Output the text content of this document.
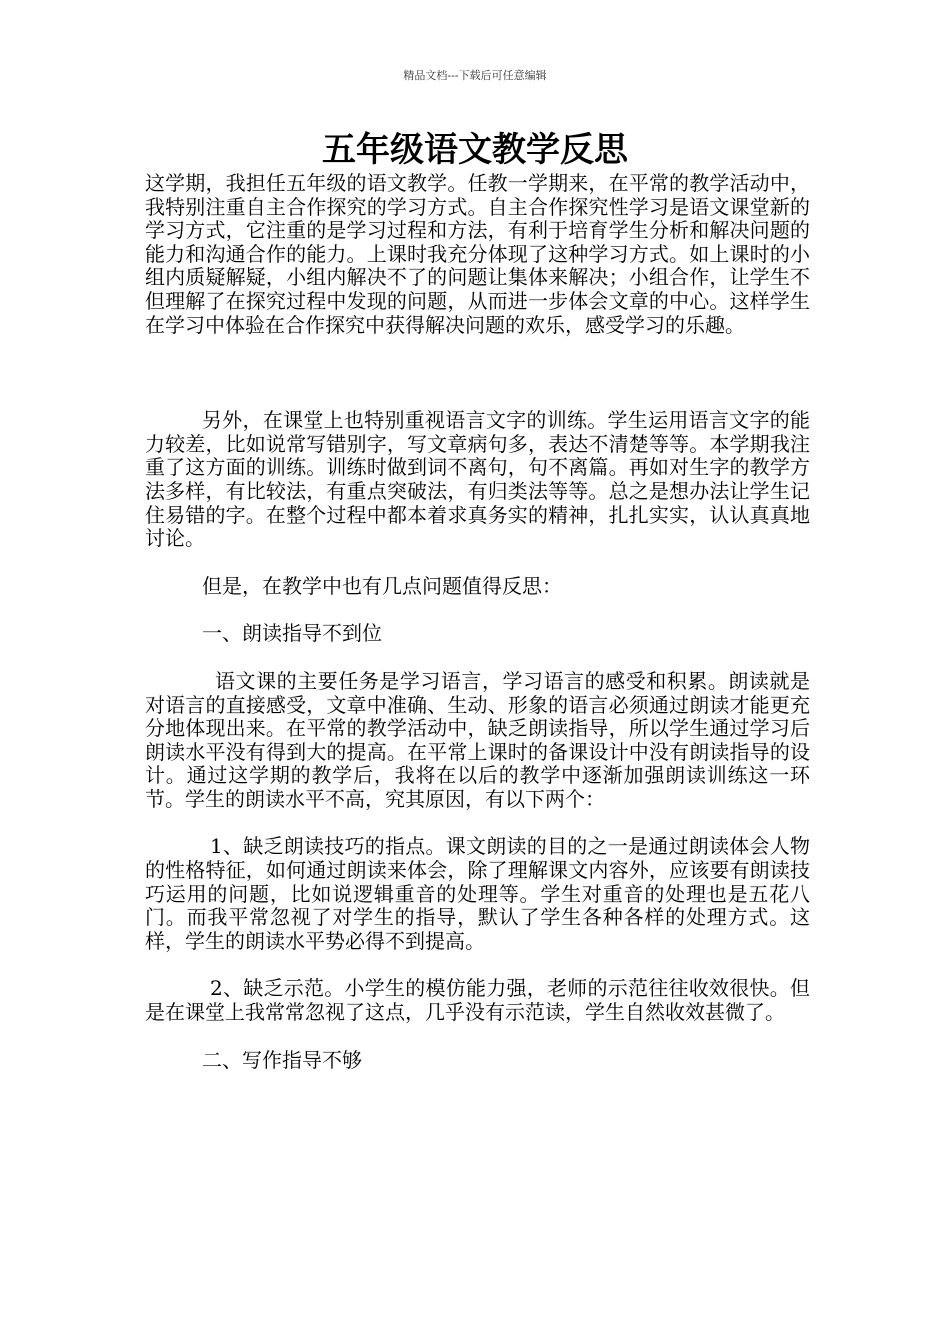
精品文档---下载后可任意编辑
五年级语文教学反思

这学期，我担任五年级的语文教学。任教一学期来，在平常的教学活动中，我特别注重自主合作探究的学习方式。自主合作探究性学习是语文课堂新的学习方式，它注重的是学习过程和方法，有利于培育学生分析和解决问题的能力和沟通合作的能力。上课时我充分体现了这种学习方式。如上课时的小组内质疑解疑，小组内解决不了的问题让集体来解决；小组合作，让学生不但理解了在探究过程中发现的问题，从而进一步体会文章的中心。这样学生在学习中体验在合作探究中获得解决问题的欢乐，感受学习的乐趣。

另外，在课堂上也特别重视语言文字的训练。学生运用语言文字的能力较差，比如说常写错别字，写文章病句多，表达不清楚等等。本学期我注重了这方面的训练。训练时做到词不离句，句不离篇。再如对生字的教学方法多样，有比较法，有重点突破法，有归类法等等。总之是想办法让学生记住易错的字。在整个过程中都本着求真务实的精神，扎扎实实，认认真真地讨论。

但是，在教学中也有几点问题值得反思：

一、朗读指导不到位

语文课的主要任务是学习语言，学习语言的感受和积累。朗读就是对语言的直接感受，文章中准确、生动、形象的语言必须通过朗读才能更充分地体现出来。在平常的教学活动中，缺乏朗读指导，所以学生通过学习后朗读水平没有得到大的提高。在平常上课时的备课设计中没有朗读指导的设计。通过这学期的教学后，我将在以后的教学中逐渐加强朗读训练这一环节。学生的朗读水平不高，究其原因，有以下两个：

1、缺乏朗读技巧的指点。课文朗读的目的之一是通过朗读体会人物的性格特征，如何通过朗读来体会，除了理解课文内容外，应该要有朗读技巧运用的问题，比如说逻辑重音的处理等。学生对重音的处理也是五花八门。而我平常忽视了对学生的指导，默认了学生各种各样的处理方式。这样，学生的朗读水平势必得不到提高。

2、缺乏示范。小学生的模仿能力强，老师的示范往往收效很快。但是在课堂上我常常忽视了这点，几乎没有示范读，学生自然收效甚微了。

二、写作指导不够
